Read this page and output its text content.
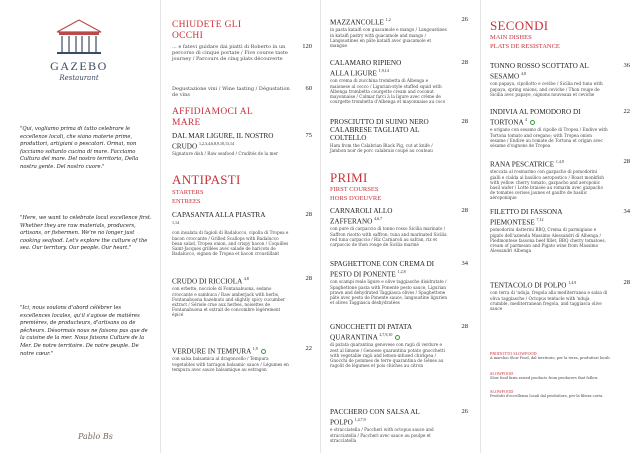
GAZEBO
Restaurant
"Qui, vogliamo prima di tutto celebrare le eccellenze locali, che siano materie prime, produttori, artigiani o pescatori. Ormai, non facciamo soltanto cucina di mare. Facciamo Cultura del mare. Del nostro territorio, Della nostra gente. Del nostro cuore."
"Here, we want to celebrate local excellence first. Whether they are raw materials, producers, artisans, or fishermen. We're no longer just cooking seafood. Let's explore the culture of the sea. Our territory. Our people. Our heart."
"Ici, nous voulons d'abord célébrer les excellences locales, qu'il s'agisse de matières premières, de producteurs, d'artisans ou de pêcheurs. Désormais nous ne faisons pas que de la cuisine de la mer. Nous faisons Culture de la Mer. De notre territoire. De notre peuple. De notre cœur."
Pablo Bs
CHIUDETE GLI OCCHI
... e fatevi guidare dai piatti di Roberto in un percorso di cinque portate / Five course taste journey / Parcours de cinq plats découverte
120
Degustazione vini / Wine tasting / Dégustation de vins
60
AFFIDIAMOCI AL MARE
DAL MAR LIGURE, IL NOSTRO CRUDO $^{1,2,3,4,6,8,9,10,13,14}$
75
Signature dish / Raw seafood / Crudités de la mer
ANTIPASTI
STARTERS
ENTREES
CAPASANTA ALLA PIASTRA $^{1,14}$
28
con insalata di fagioli di Badalucco, cipolla di Tropea e bacon croccante / Grilled Scallops with Badalucco bean salad, Tropea onion, and crispy bacon / Coquilles Saint-Jacques grillées avec salade de haricots de Badalucco, oignon de Tropea et bacon croustillant
CRUDO DI RICCIOLA $^{4,8}$	28
con erbette, nocciole di Fontanabuona, sedano croccante e sambuca / Raw amberjack with herbs, Fontanabuona hazelnuts and slightly spicy cucumber extract / Sériole crue aux herbes, noisettes de Fontanabuona et extrait de concombre légèrement épicé
VERDURE IN TEMPURA $^{1,9}$	22
con salsa balsamica al dragoncello / Tempura vegetables with tarragon balsamic sauce / Légumes en tempura avec sauce balsamique au estragon
MAZZANCOLLE $^{1,2}$	26
in pasta kataifi con guacamole e mango / Langoustines in kataifi pastry with guacamole and mango / Langoustines en pâte kataifi avec guacamole et mangue
CALAMARO RIPIENO ALLA LIGURE $^{1,9,14}$
28
con crema di zucchina trombetta di Albenga e maionese al cocco / Ligurian-style stuffed squid with Albenga trombetta courgette cream and coconut mayonnaise / Calmar farci à la ligure avec crème de courgette trombetta d'Albenga et mayonnaise au coco
PROSCIUTTO DI SUINO NERO CALABRESE TAGLIATO AL COLTELLO
28
Ham from the Calabrian Black Pig, cut at knife / Jambon noir de porc calabrais coupé au couteau
PRIMI
FIRST COURSES
HORS D'OEUVRE
CARNAROLI ALLO ZAFFERANO $^{4,6,7}$
28
con pure di carpaccio di tonno rosso Sicilia marinato / Saffron risotto with saffron, tuna and marinated Sicilia red tuna carpaccio / Riz Carnaroli au safran, riz et carpaccio de thon rouge de Sicilia mariné
SPAGHETTONE CON CREMA DI PESTO DI PONENTE $^{1,2,8}$
34
con scampi reale ligure e olive taggiasche disidratate / Spaghettone pasta with Ponente pesto sauce, Ligurian prawn and dehydrated Taggiasca olives / Spaghettone pâte avec pesto de Ponente sauce, langoustine ligurien et olives Taggiasca déshydratées
GNOCCHETTI DI PATATA QUARANTINA $^{2,7,9,10}$
28
di patata quarantina genovese con ragù di verdure e zest al limone / Genoese quarantina potato gnocchetti with vegetable ragù and lemon-infused chickpea / Gnocchi de pommes de terre quarantina de Gênes au ragoût de légumes et pois chiches au citron
PACCHERO CON SALSA AL POLPO $^{1,4,7,9}$
26
e stracciatella / Paccheri with octopus sauce and stracciatella / Paccheri avec sauce au poulpe et stracciatella
SECONDI
MAIN DISHES
PLATS DE RESISTANCE
TONNO ROSSO SCOTTATO AL SESAMO $^{4,8}$
36
con papaya, cipollotto e cevibe / Sicilia red tuna with papaya, spring onions, and ceviche / Thon rouge de Sicilia avec papaye, oignons nouveaux et ceviche
INDIVIA AL POMODORO DI TORTONA $^4$
22
e origano con sesamo di cipolle di Tropea / Endive with Tortona tomato and oregano; with Tropea onion sesame / Endive au tomate de Tortona et origan avec sésame d'oignons de Tropea
RANA PESCATRICE $^{1,4,9}$	28
steccata al rosmarino con gazpacho di pomodorini gialli e cialda al basilico aeropostico / Roast monkfish with yellow cherry tomato, gazpacho and aeroponic basil wafer / Lotte braisée au romarin avec gazpacho de tomates cerises jaunes et gaufre de basilic aéroponique
FILETTO DI FASSONA PIEMONTESE $^{7,12}$
34
pomodorini datterini BBQ, Crema di parmigiano e pigato dell'azienda Massimo Alessandri di Albenga / Piedmontese fassona beef fillet, BBQ cherry tomatoes, cream of parmesan and Pigato wine from Massimo Alessandri Albenga
TENTACOLO DI POLPO $^{1,4,9}$	28
con terra di 'nduja, fregola alla mediterranea e salsa di oliva taggiasche / Octopus tentacle with 'nduja crumble, mediterranean fregola, and taggiasca olive sauce
PRODOTTO SLOWFOOD
A marchio Slow Food, dal territorio, per la terra, produttori locali.
SLOWFOOD
Slow food farm raised products from producers that follow.
SLOWFOOD
Prodotti d'eccellenza locali dal produttore, per la filiera corta.
